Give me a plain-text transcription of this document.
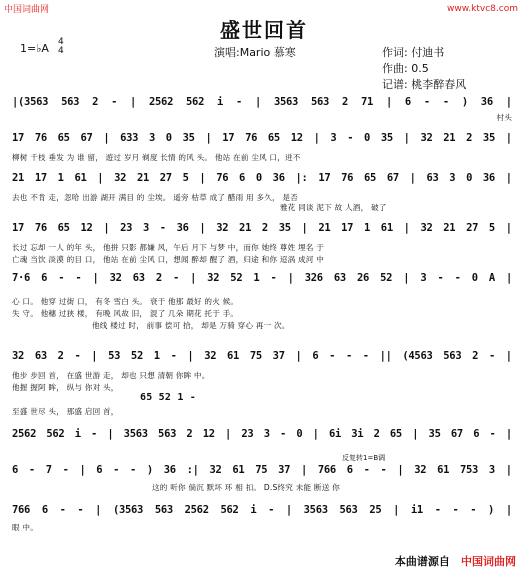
中国词曲网	www.ktvc8.com
盛世回首
1=♭A 4
4	演唱:Mario 慕寒	作词: 付迪书
作曲: 0.5
记谱: 桃李醉春风
|(3563 563 2 - | 2562 562 i - | 3563 563 2 71 | 6 - - ) 36 |
村头
17 76 65 67 | 633 3 0 35 | 17 76 65 12 | 3 - 0 35 | 32 21 2 35 |
柳树 千枝 垂发 为 谁 留， 遊过 岁月 剃度 长情 的风 头。 他站 在前 尘风 口，迸不
21 17 1 61 | 32 21 27 5 | 76 6 0 36 |: 17 76 65 67 | 63 3 0 36 |
去也 不肯 走，忽哈 出游 湖开 满目 的 尘埃。 遥旁 枯草 成了 醋雨 用 多久， 是否
雅花 同谈 泥下 故 人酒， 破了
17 76 65 12 | 23 3 - 36 | 32 21 2 35 | 21 17 1 61 | 32 21 27 5 |
长过 忘却 一人 的年 头， 他拼 只影 都嫌 风，午后 月下 与梦 中，而你 她终 尊姓 埋名 于
亡魂 当饮 淡漠 的目 口， 他站 在前 尘风 口，想闻 醉却 醒了 酒，归途 和你 迢涡 成河 中
7·6 6 - - | 32 63 2 - | 32 52 1 - | 326 63 26 52 | 3 - - 0 A |
心 口。 他穿 过街 口， 有冬 雪白 头。 衰于 他那 最好 的火 候。
失 守。 他穗 过狭 楼， 有晚 风故 旧， 混了 几朵 期花 托于 手。
他线 楼过 时， 前事 偿可 拾， 却是 万骑 穿心 再一 次。
32 63 2 - | 53 52 1 - | 32 61 75 37 | 6 - - - || (4563 563 2 - |
他步 步回 首， 在盛 世游 走， 却也 只想 清朝 你眸 中。
他握 握阿 眸， 纵与 你对 头，
65 52 1 -
至盛 世尽 头， 那盛 启回 首，
2562 562 i - | 3563 563 2 12 | 23 3 - 0 | 6i 3i 2 65 | 35 67 6 - |
反复转1=B调
6 - 7 - | 6 - - ) 36 :| 32 61 75 37 | 766 6 - - | 32 61 753 3 |
这的 听你 倘沉 默坏 环 相 扣。 D.S终究 未能 断送 你
766 6 - - | (3563 563 2562 562 i - | 3563 563 25 | i1 - - - ) |
眼 中。
本曲谱源自 中国词曲网
